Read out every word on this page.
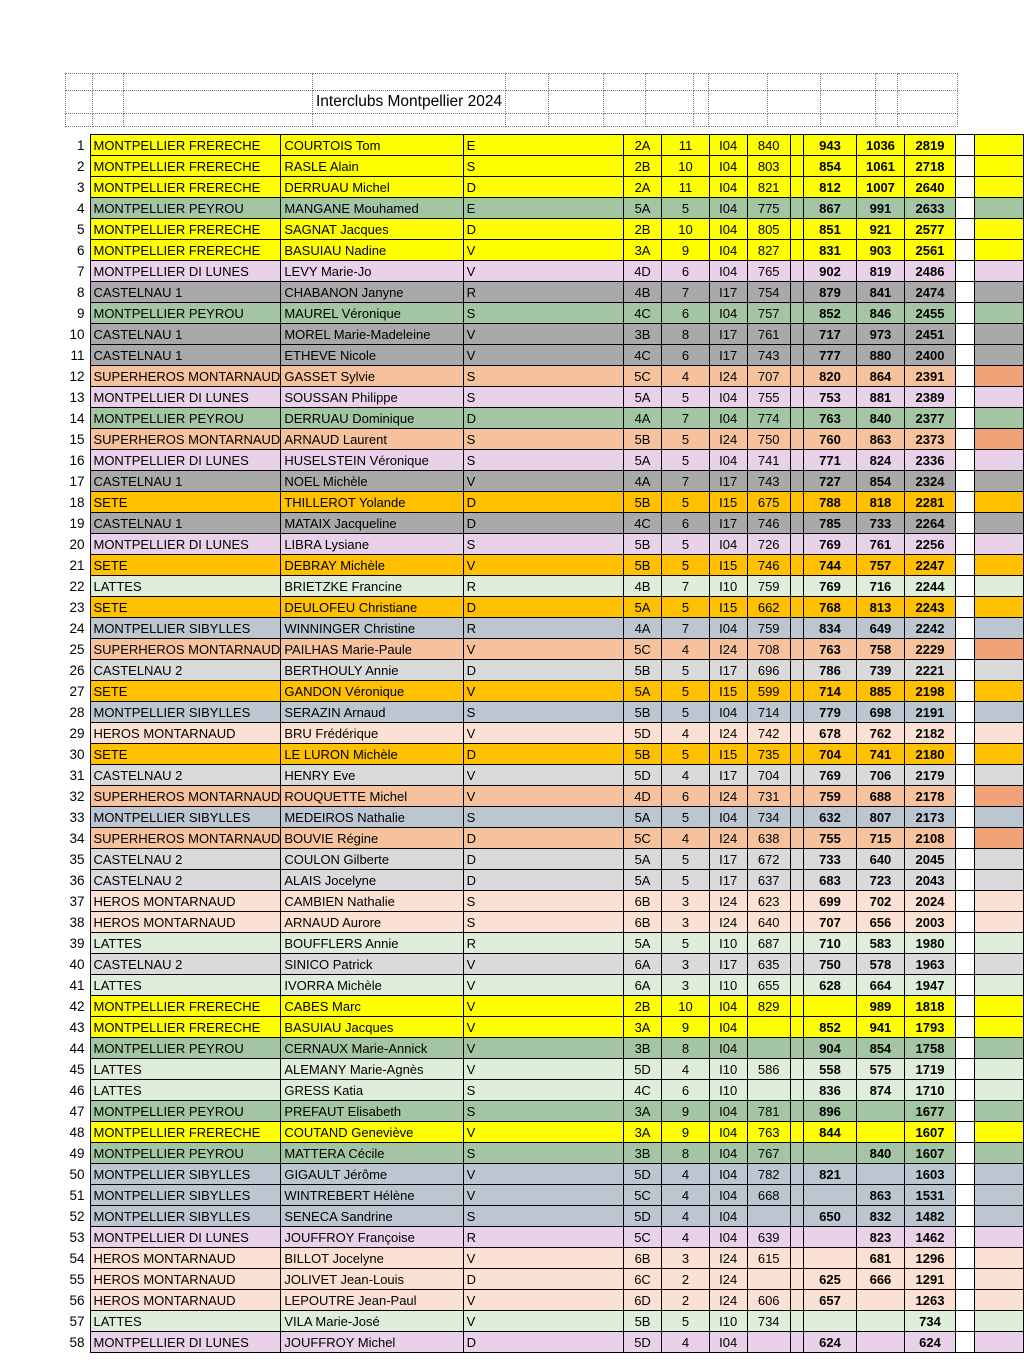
			Interclubs Montpellier 2024										

1	MONTPELLIER FRERECHE	COURTOIS Tom	E	2A	11	I04	840		943	1036	2819		
2	MONTPELLIER FRERECHE	RASLE Alain	S	2B	10	I04	803		854	1061	2718		
3	MONTPELLIER FRERECHE	DERRUAU Michel	D	2A	11	I04	821		812	1007	2640		
4	MONTPELLIER PEYROU	MANGANE Mouhamed	E	5A	5	I04	775		867	991	2633		
5	MONTPELLIER FRERECHE	SAGNAT Jacques	D	2B	10	I04	805		851	921	2577		
6	MONTPELLIER FRERECHE	BASUIAU Nadine	V	3A	9	I04	827		831	903	2561		
7	MONTPELLIER DI LUNES	LEVY Marie-Jo	V	4D	6	I04	765		902	819	2486		
8	CASTELNAU 1	CHABANON Janyne	R	4B	7	I17	754		879	841	2474		
9	MONTPELLIER PEYROU	MAUREL Véronique	S	4C	6	I04	757		852	846	2455		
10	CASTELNAU 1	MOREL Marie-Madeleine	V	3B	8	I17	761		717	973	2451		
11	CASTELNAU 1	ETHEVE Nicole	V	4C	6	I17	743		777	880	2400		
12	SUPERHEROS MONTARNAUD	GASSET Sylvie	S	5C	4	I24	707		820	864	2391		
13	MONTPELLIER DI LUNES	SOUSSAN Philippe	S	5A	5	I04	755		753	881	2389		
14	MONTPELLIER PEYROU	DERRUAU Dominique	D	4A	7	I04	774		763	840	2377		
15	SUPERHEROS MONTARNAUD	ARNAUD Laurent	S	5B	5	I24	750		760	863	2373		
16	MONTPELLIER DI LUNES	HUSELSTEIN Véronique	S	5A	5	I04	741		771	824	2336		
17	CASTELNAU 1	NOEL Michèle	V	4A	7	I17	743		727	854	2324		
18	SETE	THILLEROT Yolande	D	5B	5	I15	675		788	818	2281		
19	CASTELNAU 1	MATAIX Jacqueline	D	4C	6	I17	746		785	733	2264		
20	MONTPELLIER DI LUNES	LIBRA Lysiane	S	5B	5	I04	726		769	761	2256		
21	SETE	DEBRAY Michèle	V	5B	5	I15	746		744	757	2247		
22	LATTES	BRIETZKE Francine	R	4B	7	I10	759		769	716	2244		
23	SETE	DEULOFEU Christiane	D	5A	5	I15	662		768	813	2243		
24	MONTPELLIER SIBYLLES	WINNINGER Christine	R	4A	7	I04	759		834	649	2242		
25	SUPERHEROS MONTARNAUD	PAILHAS Marie-Paule	V	5C	4	I24	708		763	758	2229		
26	CASTELNAU 2	BERTHOULY Annie	D	5B	5	I17	696		786	739	2221		
27	SETE	GANDON Véronique	V	5A	5	I15	599		714	885	2198		
28	MONTPELLIER SIBYLLES	SERAZIN Arnaud	S	5B	5	I04	714		779	698	2191		
29	HEROS MONTARNAUD	BRU Frédérique	V	5D	4	I24	742		678	762	2182		
30	SETE	LE LURON Michèle	D	5B	5	I15	735		704	741	2180		
31	CASTELNAU 2	HENRY Eve	V	5D	4	I17	704		769	706	2179		
32	SUPERHEROS MONTARNAUD	ROUQUETTE Michel	V	4D	6	I24	731		759	688	2178		
33	MONTPELLIER SIBYLLES	MEDEIROS Nathalie	S	5A	5	I04	734		632	807	2173		
34	SUPERHEROS MONTARNAUD	BOUVIE Régine	D	5C	4	I24	638		755	715	2108		
35	CASTELNAU 2	COULON Gilberte	D	5A	5	I17	672		733	640	2045		
36	CASTELNAU 2	ALAIS Jocelyne	D	5A	5	I17	637		683	723	2043		
37	HEROS MONTARNAUD	CAMBIEN Nathalie	S	6B	3	I24	623		699	702	2024		
38	HEROS MONTARNAUD	ARNAUD Aurore	S	6B	3	I24	640		707	656	2003		
39	LATTES	BOUFFLERS Annie	R	5A	5	I10	687		710	583	1980		
40	CASTELNAU 2	SINICO Patrick	V	6A	3	I17	635		750	578	1963		
41	LATTES	IVORRA Michèle	V	6A	3	I10	655		628	664	1947		
42	MONTPELLIER FRERECHE	CABES Marc	V	2B	10	I04	829			989	1818		
43	MONTPELLIER FRERECHE	BASUIAU Jacques	V	3A	9	I04			852	941	1793		
44	MONTPELLIER PEYROU	CERNAUX Marie-Annick	V	3B	8	I04			904	854	1758		
45	LATTES	ALEMANY Marie-Agnès	V	5D	4	I10	586		558	575	1719		
46	LATTES	GRESS Katia	S	4C	6	I10			836	874	1710		
47	MONTPELLIER PEYROU	PREFAUT Elisabeth	S	3A	9	I04	781		896		1677		
48	MONTPELLIER FRERECHE	COUTAND Geneviève	V	3A	9	I04	763		844		1607		
49	MONTPELLIER PEYROU	MATTERA Cécile	S	3B	8	I04	767			840	1607		
50	MONTPELLIER SIBYLLES	GIGAULT Jérôme	V	5D	4	I04	782		821		1603		
51	MONTPELLIER SIBYLLES	WINTREBERT Hélène	V	5C	4	I04	668			863	1531		
52	MONTPELLIER SIBYLLES	SENECA Sandrine	S	5D	4	I04			650	832	1482		
53	MONTPELLIER DI LUNES	JOUFFROY Françoise	R	5C	4	I04	639			823	1462		
54	HEROS MONTARNAUD	BILLOT Jocelyne	V	6B	3	I24	615			681	1296		
55	HEROS MONTARNAUD	JOLIVET Jean-Louis	D	6C	2	I24			625	666	1291		
56	HEROS MONTARNAUD	LEPOUTRE Jean-Paul	V	6D	2	I24	606		657		1263		
57	LATTES	VILA Marie-José	V	5B	5	I10	734				734		
58	MONTPELLIER DI LUNES	JOUFFROY Michel	D	5D	4	I04			624		624		
